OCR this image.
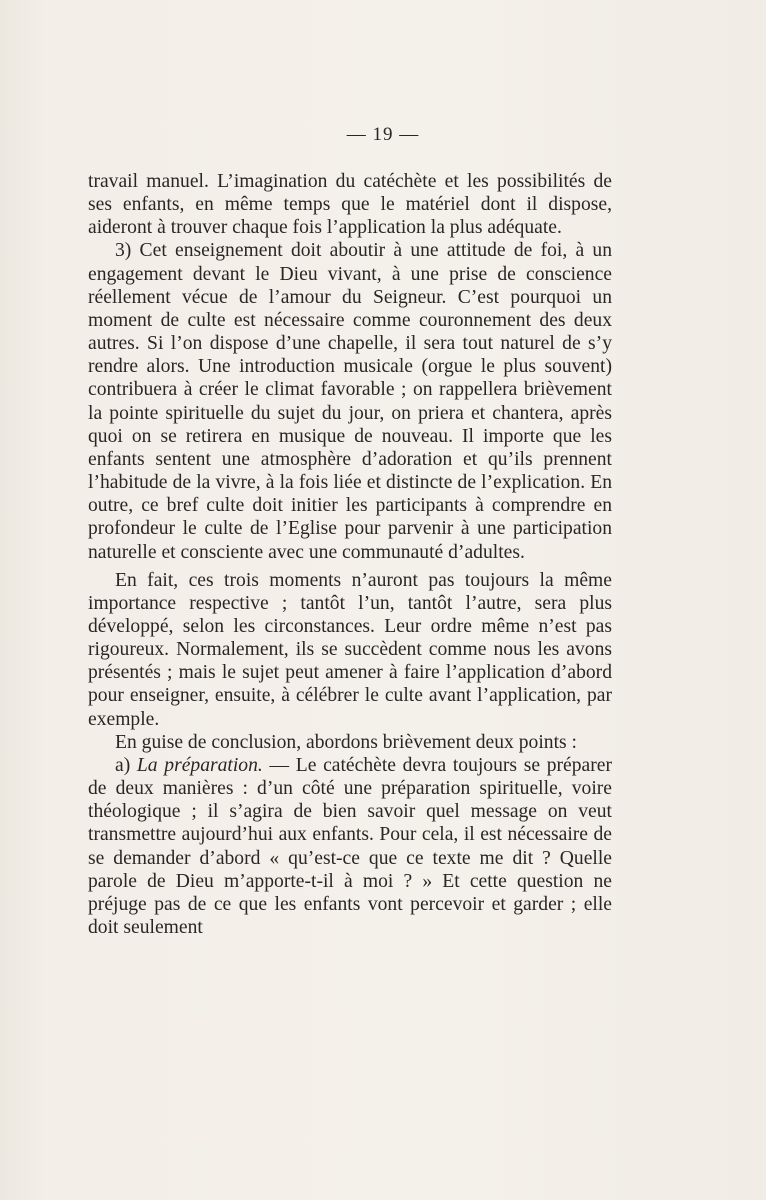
— 19 —

travail manuel. L’imagination du catéchète et les possibilités de ses enfants, en même temps que le matériel dont il dispose, aideront à trouver chaque fois l’application la plus adéquate.

3) Cet enseignement doit aboutir à une attitude de foi, à un engagement devant le Dieu vivant, à une prise de conscience réellement vécue de l’amour du Seigneur. C’est pourquoi un moment de culte est nécessaire comme couronnement des deux autres. Si l’on dispose d’une chapelle, il sera tout naturel de s’y rendre alors. Une introduction musicale (orgue le plus souvent) contribuera à créer le climat favorable ; on rappellera brièvement la pointe spirituelle du sujet du jour, on priera et chantera, après quoi on se retirera en musique de nouveau. Il importe que les enfants sentent une atmosphère d’adoration et qu’ils prennent l’habitude de la vivre, à la fois liée et distincte de l’explication. En outre, ce bref culte doit initier les participants à comprendre en profondeur le culte de l’Eglise pour parvenir à une participation naturelle et consciente avec une communauté d’adultes.

En fait, ces trois moments n’auront pas toujours la même importance respective ; tantôt l’un, tantôt l’autre, sera plus développé, selon les circonstances. Leur ordre même n’est pas rigoureux. Normalement, ils se succèdent comme nous les avons présentés ; mais le sujet peut amener à faire l’application d’abord pour enseigner, ensuite, à célébrer le culte avant l’application, par exemple.

En guise de conclusion, abordons brièvement deux points :

a) La préparation. — Le catéchète devra toujours se préparer de deux manières : d’un côté une préparation spirituelle, voire théologique ; il s’agira de bien savoir quel message on veut transmettre aujourd’hui aux enfants. Pour cela, il est nécessaire de se demander d’abord « qu’est-ce que ce texte me dit ? Quelle parole de Dieu m’apporte-t-il à moi ? » Et cette question ne préjuge pas de ce que les enfants vont percevoir et garder ; elle doit seulement
